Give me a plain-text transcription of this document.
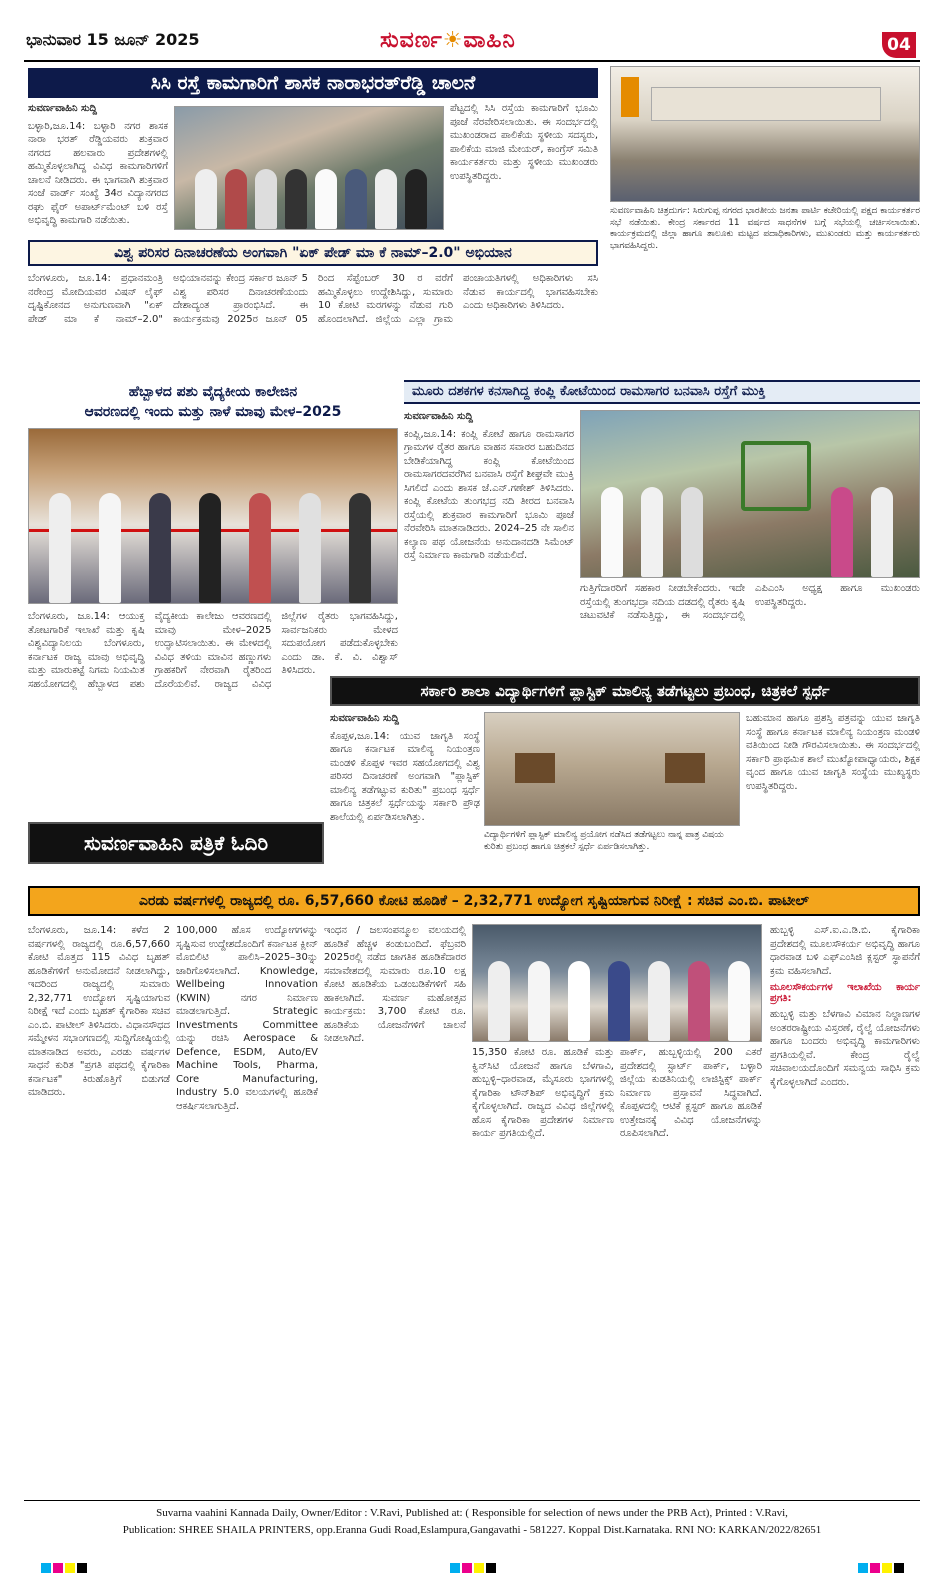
ಭಾನುವಾರ 15 ಜೂನ್ 2025	ಸುವರ್ಣ☀ವಾಹಿನಿ	04
ಸಿಸಿ ರಸ್ತೆ ಕಾಮಗಾರಿಗೆ ಶಾಸಕ ನಾರಾಭರತ್‌ರೆಡ್ಡಿ ಚಾಲನೆ

ಸುವರ್ಣವಾಹಿನಿ ಸುದ್ದಿ

ಬಳ್ಳಾರಿ,ಜೂ.14: ಬಳ್ಳಾರಿ ನಗರ ಶಾಸಕ ನಾರಾ ಭರತ್ ರೆಡ್ಡಿಯವರು ಶುಕ್ರವಾರ ನಗರದ ಹಲವಾರು ಪ್ರದೇಶಗಳಲ್ಲಿ ಹಮ್ಮಿಕೊಳ್ಳಲಾಗಿದ್ದ ವಿವಿಧ ಕಾಮಗಾರಿಗಳಿಗೆ ಚಾಲನೆ ನೀಡಿದರು. ಈ ಭಾಗವಾಗಿ ಶುಕ್ರವಾರ ಸಂಜೆ ವಾರ್ಡ್ ಸಂಖ್ಯೆ 34ರ ವಿದ್ಯಾನಗರದ ರಘು ಫೈರ್ ಅಪಾರ್ಟ್‌ಮೆಂಟ್ ಬಳಿ ರಸ್ತೆ ಅಭಿವೃದ್ಧಿ ಕಾಮಗಾರಿ ನಡೆಯಿತು.

ಪೆಟ್ಟದಲ್ಲಿ ಸಿಸಿ ರಸ್ತೆಯ ಕಾಮಗಾರಿಗೆ ಭೂಮಿ ಪೂಜೆ ನೆರವೇರಿಸಲಾಯಿತು. ಈ ಸಂದರ್ಭದಲ್ಲಿ ಮುಖಂಡರಾದ ಪಾಲಿಕೆಯ ಸ್ಥಳೀಯ ಸದಸ್ಯರು, ಪಾಲಿಕೆಯ ಮಾಜಿ ಮೇಯರ್, ಕಾಂಗ್ರೆಸ್ ಸಮಿತಿ ಕಾರ್ಯಕರ್ತರು ಮತ್ತು ಸ್ಥಳೀಯ ಮುಖಂಡರು ಉಪಸ್ಥಿತರಿದ್ದರು.
ಸುವರ್ಣವಾಹಿನಿ ಚಿತ್ರದುರ್ಗ: ಸಿರುಗುಪ್ಪ ನಗರದ ಭಾರತೀಯ ಜನತಾ ಪಾರ್ಟಿ ಕಚೇರಿಯಲ್ಲಿ ಪಕ್ಷದ ಕಾರ್ಯಕರ್ತರ ಸಭೆ ನಡೆಯಿತು. ಕೇಂದ್ರ ಸರ್ಕಾರದ 11 ವರ್ಷದ ಸಾಧನೆಗಳ ಬಗ್ಗೆ ಸಭೆಯಲ್ಲಿ ಚರ್ಚಿಸಲಾಯಿತು. ಕಾರ್ಯಕ್ರಮದಲ್ಲಿ ಜಿಲ್ಲಾ ಹಾಗೂ ತಾಲೂಕು ಮಟ್ಟದ ಪದಾಧಿಕಾರಿಗಳು, ಮುಖಂಡರು ಮತ್ತು ಕಾರ್ಯಕರ್ತರು ಭಾಗವಹಿಸಿದ್ದರು.
ವಿಶ್ವ ಪರಿಸರ ದಿನಾಚರಣೆಯ ಅಂಗವಾಗಿ "ಏಕ್ ಪೇಡ್ ಮಾ ಕೆ ನಾಮ್–2.0" ಅಭಿಯಾನ
ಬೆಂಗಳೂರು, ಜೂ.14: ಪ್ರಧಾನಮಂತ್ರಿ ನರೇಂದ್ರ ಮೋದಿಯವರ ವಿಷನ್ ಲೈಫ್ ದೃಷ್ಟಿಕೋನದ ಅನುಗುಣವಾಗಿ "ಏಕ್ ಪೇಡ್ ಮಾ ಕೆ ನಾಮ್–2.0" ಅಭಿಯಾನವನ್ನು ಕೇಂದ್ರ ಸರ್ಕಾರ ಜೂನ್ 5 ವಿಶ್ವ ಪರಿಸರ ದಿನಾಚರಣೆಯಂದು ದೇಶಾದ್ಯಂತ ಪ್ರಾರಂಭಿಸಿದೆ. ಈ ಕಾರ್ಯಕ್ರಮವು 2025ರ ಜೂನ್ 05 ರಿಂದ ಸೆಪ್ಟೆಂಬರ್ 30 ರ ವರೆಗೆ ಹಮ್ಮಿಕೊಳ್ಳಲು ಉದ್ದೇಶಿಸಿದ್ದು, ಸುಮಾರು 10 ಕೋಟಿ ಮರಗಳನ್ನು ನೆಡುವ ಗುರಿ ಹೊಂದಲಾಗಿದೆ. ಜಿಲ್ಲೆಯ ಎಲ್ಲಾ ಗ್ರಾಮ ಪಂಚಾಯತಿಗಳಲ್ಲಿ ಅಧಿಕಾರಿಗಳು ಸಸಿ ನೆಡುವ ಕಾರ್ಯದಲ್ಲಿ ಭಾಗವಹಿಸಬೇಕು ಎಂದು ಅಧಿಕಾರಿಗಳು ತಿಳಿಸಿದರು.
ಮೂರು ದಶಕಗಳ ಕನಸಾಗಿದ್ದ ಕಂಪ್ಲಿ ಕೋಟೆಯಿಂದ ರಾಮಸಾಗರ ಬನವಾಸಿ ರಸ್ತೆಗೆ ಮುಕ್ತಿ

ಸುವರ್ಣವಾಹಿನಿ ಸುದ್ದಿ

ಕಂಪ್ಲಿ,ಜೂ.14: ಕಂಪ್ಲಿ ಕೋಟೆ ಹಾಗೂ ರಾಮಸಾಗರ ಗ್ರಾಮಗಳ ರೈತರ ಹಾಗೂ ವಾಹನ ಸವಾರರ ಬಹುದಿನದ ಬೇಡಿಕೆಯಾಗಿದ್ದ ಕಂಪ್ಲಿ ಕೋಟೆಯಿಂದ ರಾಮಸಾಗರದವರೆಗಿನ ಬನವಾಸಿ ರಸ್ತೆಗೆ ಶೀಘ್ರವೇ ಮುಕ್ತಿ ಸಿಗಲಿದೆ ಎಂದು ಶಾಸಕ ಜೆ.ಎನ್.ಗಣೇಶ್ ತಿಳಿಸಿದರು. ಕಂಪ್ಲಿ ಕೋಟೆಯ ತುಂಗಭದ್ರ ನದಿ ತೀರದ ಬನವಾಸಿ ರಸ್ತೆಯಲ್ಲಿ ಶುಕ್ರವಾರ ಕಾಮಗಾರಿಗೆ ಭೂಮಿ ಪೂಜೆ ನೆರವೇರಿಸಿ ಮಾತನಾಡಿದರು. 2024–25 ನೇ ಸಾಲಿನ ಕಲ್ಯಾಣ ಪಥ ಯೋಜನೆಯ ಅನುದಾನದಡಿ ಸಿಮೆಂಟ್ ರಸ್ತೆ ನಿರ್ಮಾಣ ಕಾಮಗಾರಿ ನಡೆಯಲಿದೆ.

ಗುತ್ತಿಗೆದಾರರಿಗೆ ಸಹಕಾರ ನೀಡಬೇಕೆಂದರು. ಇದೇ ರಸ್ತೆಯಲ್ಲಿ ತುಂಗಭದ್ರಾ ನದಿಯ ದಡದಲ್ಲಿ ರೈತರು ಕೃಷಿ ಚಟುವಟಿಕೆ ನಡೆಸುತ್ತಿದ್ದು, ಈ ಸಂದರ್ಭದಲ್ಲಿ ಎಪಿಎಂಸಿ ಅಧ್ಯಕ್ಷ ಹಾಗೂ ಮುಖಂಡರು ಉಪಸ್ಥಿತರಿದ್ದರು.
ಹೆಬ್ಬಾಳದ ಪಶು ವೈದ್ಯಕೀಯ ಕಾಲೇಜಿನ
ಆವರಣದಲ್ಲಿ ಇಂದು ಮತ್ತು ನಾಳೆ ಮಾವು ಮೇಳ–2025
ಬೆಂಗಳೂರು, ಜೂ.14: ಆಯುಕ್ತ ತೋಟಗಾರಿಕೆ ಇಲಾಖೆ ಮತ್ತು ಕೃಷಿ ವಿಶ್ವವಿದ್ಯಾನಿಲಯ ಬೆಂಗಳೂರು, ಕರ್ನಾಟಕ ರಾಜ್ಯ ಮಾವು ಅಭಿವೃದ್ಧಿ ಮತ್ತು ಮಾರುಕಟ್ಟೆ ನಿಗಮ ನಿಯಮಿತ ಸಹಯೋಗದಲ್ಲಿ ಹೆಬ್ಬಾಳದ ಪಶು ವೈದ್ಯಕೀಯ ಕಾಲೇಜು ಆವರಣದಲ್ಲಿ ಮಾವು ಮೇಳ–2025 ಉದ್ಘಾಟಿಸಲಾಯಿತು. ಈ ಮೇಳದಲ್ಲಿ ವಿವಿಧ ತಳಿಯ ಮಾವಿನ ಹಣ್ಣುಗಳು ಗ್ರಾಹಕರಿಗೆ ನೇರವಾಗಿ ರೈತರಿಂದ ದೊರೆಯಲಿವೆ. ರಾಜ್ಯದ ವಿವಿಧ ಜಿಲ್ಲೆಗಳ ರೈತರು ಭಾಗವಹಿಸಿದ್ದು, ಸಾರ್ವಜನಿಕರು ಮೇಳದ ಸದುಪಯೋಗ ಪಡೆದುಕೊಳ್ಳಬೇಕು ಎಂದು ಡಾ. ಕೆ. ವಿ. ವಿಶ್ವಾಸ್ ತಿಳಿಸಿದರು.
ಸರ್ಕಾರಿ ಶಾಲಾ ವಿದ್ಯಾರ್ಥಿಗಳಿಗೆ ಪ್ಲಾಸ್ಟಿಕ್ ಮಾಲಿನ್ಯ ತಡೆಗಟ್ಟಲು ಪ್ರಬಂಧ, ಚಿತ್ರಕಲೆ ಸ್ಪರ್ಧೆ

ಸುವರ್ಣವಾಹಿನಿ ಸುದ್ದಿ

ಕೊಪ್ಪಳ,ಜೂ.14: ಯುವ ಜಾಗೃತಿ ಸಂಸ್ಥೆ ಹಾಗೂ ಕರ್ನಾಟಕ ಮಾಲಿನ್ಯ ನಿಯಂತ್ರಣ ಮಂಡಳಿ ಕೊಪ್ಪಳ ಇವರ ಸಹಯೋಗದಲ್ಲಿ ವಿಶ್ವ ಪರಿಸರ ದಿನಾಚರಣೆ ಅಂಗವಾಗಿ "ಪ್ಲಾಸ್ಟಿಕ್ ಮಾಲಿನ್ಯ ತಡೆಗಟ್ಟುವ ಕುರಿತು" ಪ್ರಬಂಧ ಸ್ಪರ್ಧೆ ಹಾಗೂ ಚಿತ್ರಕಲೆ ಸ್ಪರ್ಧೆಯನ್ನು ಸರ್ಕಾರಿ ಪ್ರೌಢ ಶಾಲೆಯಲ್ಲಿ ಏರ್ಪಡಿಸಲಾಗಿತ್ತು.

ವಿದ್ಯಾರ್ಥಿಗಳಿಗೆ ಪ್ಲಾಸ್ಟಿಕ್ ಮಾಲಿನ್ಯ ಪ್ರಯೋಗ ನಡೆಸಿದ ತಡೆಗಟ್ಟಲು ನಾನ್ನ ಪಾತ್ರ ವಿಷಯ ಕುರಿತು ಪ್ರಬಂಧ ಹಾಗೂ ಚಿತ್ರಕಲೆ ಸ್ಪರ್ಧೆ ಏರ್ಪಡಿಸಲಾಗಿತ್ತು.
ಬಹುಮಾನ ಹಾಗೂ ಪ್ರಶಸ್ತಿ ಪತ್ರವನ್ನು ಯುವ ಜಾಗೃತಿ ಸಂಸ್ಥೆ ಹಾಗೂ ಕರ್ನಾಟಕ ಮಾಲಿನ್ಯ ನಿಯಂತ್ರಣ ಮಂಡಳಿ ವತಿಯಿಂದ ನೀಡಿ ಗೌರವಿಸಲಾಯಿತು. ಈ ಸಂದರ್ಭದಲ್ಲಿ ಸರ್ಕಾರಿ ಪ್ರಾಥಮಿಕ ಶಾಲೆ ಮುಖ್ಯೋಪಾಧ್ಯಾಯರು, ಶಿಕ್ಷಕ ವೃಂದ ಹಾಗೂ ಯುವ ಜಾಗೃತಿ ಸಂಸ್ಥೆಯ ಮುಖ್ಯಸ್ಥರು ಉಪಸ್ಥಿತರಿದ್ದರು.
ಸುವರ್ಣವಾಹಿನಿ ಪತ್ರಿಕೆ ಓದಿರಿ
ಎರಡು ವರ್ಷಗಳಲ್ಲಿ ರಾಜ್ಯದಲ್ಲಿ ರೂ. 6,57,660 ಕೋಟಿ ಹೂಡಿಕೆ – 2,32,771 ಉದ್ಯೋಗ ಸೃಷ್ಟಿಯಾಗುವ ನಿರೀಕ್ಷೆ : ಸಚಿವ ಎಂ.ಬಿ. ಪಾಟೀಲ್
ಬೆಂಗಳೂರು, ಜೂ.14: ಕಳೆದ 2 ವರ್ಷಗಳಲ್ಲಿ ರಾಜ್ಯದಲ್ಲಿ ರೂ.6,57,660 ಕೋಟಿ ಮೊತ್ತದ 115 ವಿವಿಧ ಬೃಹತ್ ಹೂಡಿಕೆಗಳಿಗೆ ಅನುಮೋದನೆ ನೀಡಲಾಗಿದ್ದು, ಇದರಿಂದ ರಾಜ್ಯದಲ್ಲಿ ಸುಮಾರು 2,32,771 ಉದ್ಯೋಗ ಸೃಷ್ಟಿಯಾಗುವ ನಿರೀಕ್ಷೆ ಇದೆ ಎಂದು ಬೃಹತ್ ಕೈಗಾರಿಕಾ ಸಚಿವ ಎಂ.ಬಿ. ಪಾಟೀಲ್ ತಿಳಿಸಿದರು. ವಿಧಾನಸೌಧದ ಸಮ್ಮೇಳನ ಸಭಾಂಗಣದಲ್ಲಿ ಸುದ್ದಿಗೋಷ್ಠಿಯಲ್ಲಿ ಮಾತನಾಡಿದ ಅವರು, ಎರಡು ವರ್ಷಗಳ ಸಾಧನೆ ಕುರಿತ "ಪ್ರಗತಿ ಪಥದಲ್ಲಿ ಕೈಗಾರಿಕಾ ಕರ್ನಾಟಕ" ಕಿರುಹೊತ್ತಿಗೆ ಬಿಡುಗಡೆ ಮಾಡಿದರು.
100,000 ಹೊಸ ಉದ್ಯೋಗಗಳನ್ನು ಸೃಷ್ಟಿಸುವ ಉದ್ದೇಶದೊಂದಿಗೆ ಕರ್ನಾಟಕ ಕ್ಲೀನ್ ಮೊಬಿಲಿಟಿ ಪಾಲಿಸಿ–2025–30ನ್ನು ಜಾರಿಗೊಳಿಸಲಾಗಿದೆ. Knowledge, Wellbeing Innovation (KWIN) ನಗರ ನಿರ್ಮಾಣ ಮಾಡಲಾಗುತ್ತಿದೆ. Strategic Investments Committee ಯನ್ನು ರಚಿಸಿ Aerospace & Defence, ESDM, Auto/EV Machine Tools, Pharma, Core Manufacturing, Industry 5.0 ವಲಯಗಳಲ್ಲಿ ಹೂಡಿಕೆ ಆಕರ್ಷಿಸಲಾಗುತ್ತಿದೆ.
ಇಂಧನ / ಜಲಸಂಪನ್ಮೂಲ ವಲಯದಲ್ಲಿ ಹೂಡಿಕೆ ಹೆಚ್ಚಳ ಕಂಡುಬಂದಿದೆ. ಫೆಬ್ರವರಿ 2025ರಲ್ಲಿ ನಡೆದ ಜಾಗತಿಕ ಹೂಡಿಕೆದಾರರ ಸಮಾವೇಶದಲ್ಲಿ ಸುಮಾರು ರೂ.10 ಲಕ್ಷ ಕೋಟಿ ಹೂಡಿಕೆಯ ಒಡಂಬಡಿಕೆಗಳಿಗೆ ಸಹಿ ಹಾಕಲಾಗಿದೆ. ಸುವರ್ಣ ಮಹೋತ್ಸವ ಕಾರ್ಯಕ್ರಮ: 3,700 ಕೋಟಿ ರೂ. ಹೂಡಿಕೆಯ ಯೋಜನೆಗಳಿಗೆ ಚಾಲನೆ ನೀಡಲಾಗಿದೆ.
15,350 ಕೋಟಿ ರೂ. ಹೂಡಿಕೆ ಮತ್ತು ಕ್ವಿನ್‌ಸಿಟಿ ಯೋಜನೆ ಹಾಗೂ ಬೆಳಗಾವಿ, ಹುಬ್ಬಳ್ಳಿ–ಧಾರವಾಡ, ಮೈಸೂರು ಭಾಗಗಳಲ್ಲಿ ಕೈಗಾರಿಕಾ ಟೌನ್‌ಶಿಪ್ ಅಭಿವೃದ್ಧಿಗೆ ಕ್ರಮ ಕೈಗೊಳ್ಳಲಾಗಿದೆ. ರಾಜ್ಯದ ವಿವಿಧ ಜಿಲ್ಲೆಗಳಲ್ಲಿ ಹೊಸ ಕೈಗಾರಿಕಾ ಪ್ರದೇಶಗಳ ನಿರ್ಮಾಣ ಕಾರ್ಯ ಪ್ರಗತಿಯಲ್ಲಿದೆ.
ಪಾರ್ಕ್, ಹುಬ್ಬಳ್ಳಿಯಲ್ಲಿ 200 ಎಕರೆ ಪ್ರದೇಶದಲ್ಲಿ ಸ್ಟಾರ್ಟ್ ಪಾರ್ಕ್, ಬಳ್ಳಾರಿ ಜಿಲ್ಲೆಯ ಕುಡತಿನಿಯಲ್ಲಿ ಲಾಜಿಸ್ಟಿಕ್ಸ್ ಪಾರ್ಕ್ ನಿರ್ಮಾಣ ಪ್ರಸ್ತಾವನೆ ಸಿದ್ಧವಾಗಿದೆ. ಕೊಪ್ಪಳದಲ್ಲಿ ಆಟಿಕೆ ಕ್ಲಸ್ಟರ್ ಹಾಗೂ ಹೂಡಿಕೆ ಉತ್ತೇಜನಕ್ಕೆ ವಿವಿಧ ಯೋಜನೆಗಳನ್ನು ರೂಪಿಸಲಾಗಿದೆ.

ಹುಬ್ಬಳ್ಳಿ ಎಸ್.ಐ.ಎ.ಡಿ.ಬಿ. ಕೈಗಾರಿಕಾ ಪ್ರದೇಶದಲ್ಲಿ ಮೂಲಸೌಕರ್ಯ ಅಭಿವೃದ್ಧಿ ಹಾಗೂ ಧಾರವಾಡ ಬಳಿ ಎಫ್‌ಎಂಸಿಜಿ ಕ್ಲಸ್ಟರ್ ಸ್ಥಾಪನೆಗೆ ಕ್ರಮ ವಹಿಸಲಾಗಿದೆ.

ಮೂಲಸೌಕರ್ಯಗಳ ಇಲಾಖೆಯ ಕಾರ್ಯ ಪ್ರಗತಿ:

ಹುಬ್ಬಳ್ಳಿ ಮತ್ತು ಬೆಳಗಾವಿ ವಿಮಾನ ನಿಲ್ದಾಣಗಳ ಅಂತರರಾಷ್ಟ್ರೀಯ ವಿಸ್ತರಣೆ, ರೈಲ್ವೆ ಯೋಜನೆಗಳು ಹಾಗೂ ಬಂದರು ಅಭಿವೃದ್ಧಿ ಕಾಮಗಾರಿಗಳು ಪ್ರಗತಿಯಲ್ಲಿವೆ. ಕೇಂದ್ರ ರೈಲ್ವೆ ಸಚಿವಾಲಯದೊಂದಿಗೆ ಸಮನ್ವಯ ಸಾಧಿಸಿ ಕ್ರಮ ಕೈಗೊಳ್ಳಲಾಗಿದೆ ಎಂದರು.

Suvarna vaahini Kannada Daily, Owner/Editor : V.Ravi, Published at: ( Responsible for selection of news under the PRB Act), Printed : V.Ravi,
Publication: SHREE SHAILA PRINTERS, opp.Eranna Gudi Road,Eslampura,Gangavathi - 581227. Koppal Dist.Karnataka. RNI NO: KARKAN/2022/82651
